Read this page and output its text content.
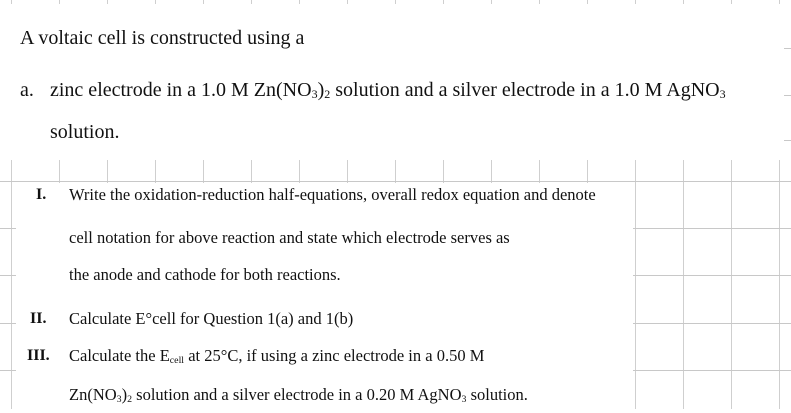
A voltaic cell is constructed using a
a. zinc electrode in a 1.0 M $Zn(NO_3)_2$ solution and a silver electrode in a 1.0 M AgNO$_3$
solution.
I. Write the oxidation-reduction half-equations, overall redox equation and denote
cell notation for above reaction and state which electrode serves as
the anode and cathode for both reactions.
II. Calculate E°cell for Question 1(a) and 1(b)
III. Calculate the $E_{cell}$ at 25°C, if using a zinc electrode in a 0.50 M
$Zn(NO_3)_2$ solution and a silver electrode in a 0.20 M AgNO$_3$ solution.
